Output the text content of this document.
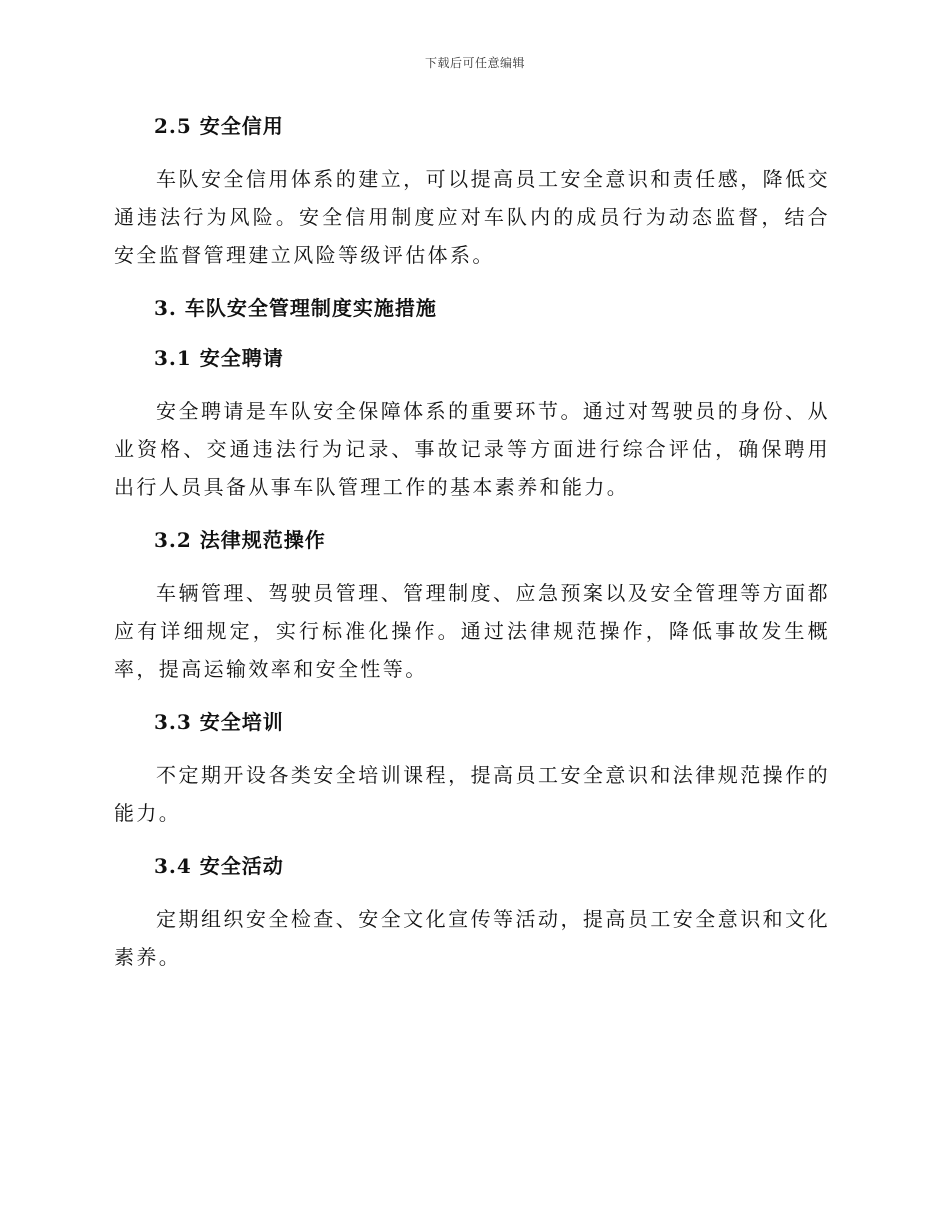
下载后可任意编辑
2.5 安全信用

车队安全信用体系的建立，可以提高员工安全意识和责任感，降低交通违法行为风险。安全信用制度应对车队内的成员行为动态监督，结合安全监督管理建立风险等级评估体系。

3. 车队安全管理制度实施措施
3.1 安全聘请

安全聘请是车队安全保障体系的重要环节。通过对驾驶员的身份、从业资格、交通违法行为记录、事故记录等方面进行综合评估，确保聘用出行人员具备从事车队管理工作的基本素养和能力。

3.2 法律规范操作

车辆管理、驾驶员管理、管理制度、应急预案以及安全管理等方面都应有详细规定，实行标准化操作。通过法律规范操作，降低事故发生概率，提高运输效率和安全性等。

3.3 安全培训

不定期开设各类安全培训课程，提高员工安全意识和法律规范操作的能力。

3.4 安全活动

定期组织安全检查、安全文化宣传等活动，提高员工安全意识和文化素养。
